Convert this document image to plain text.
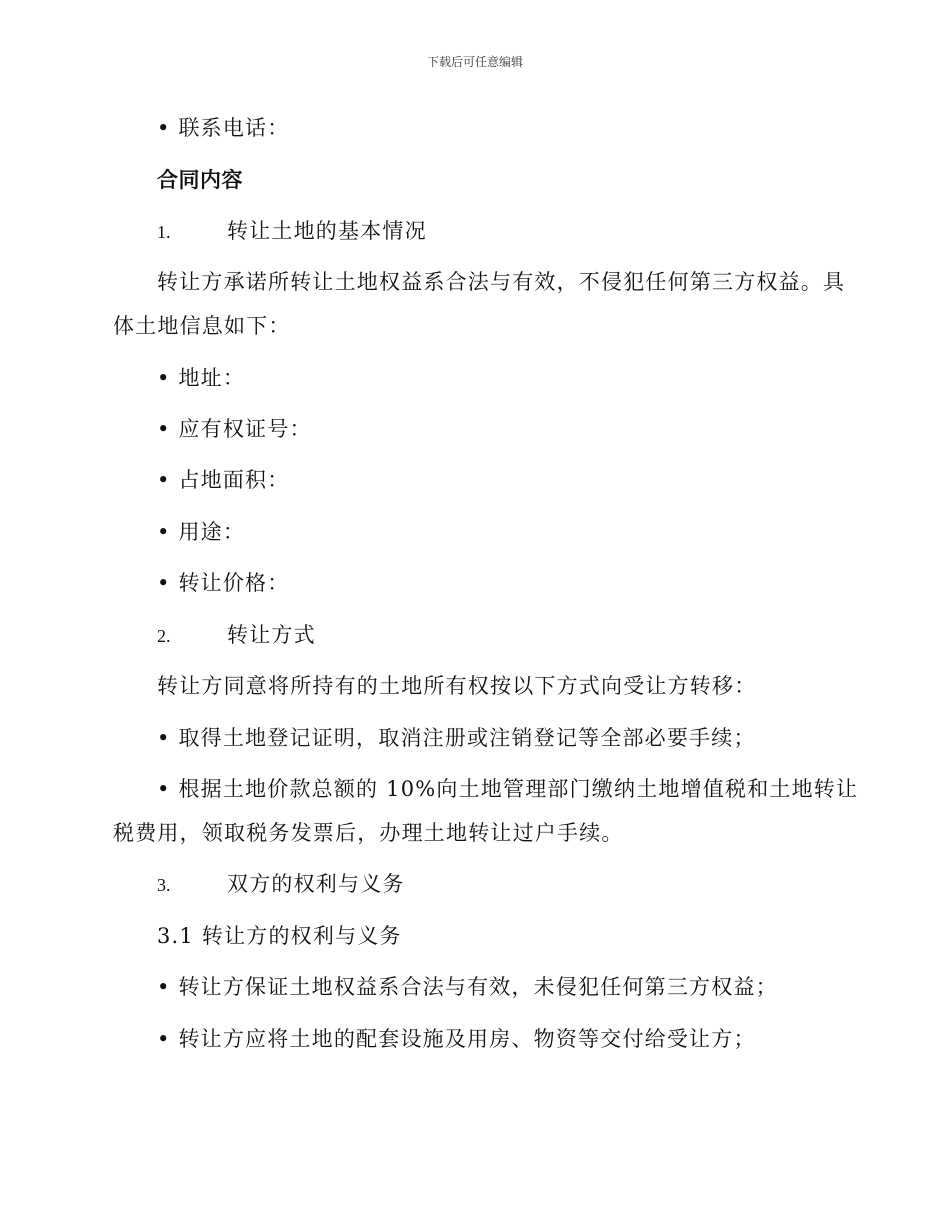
下载后可任意编辑
• 联系电话：
合同内容
1.	转让土地的基本情况
转让方承诺所转让土地权益系合法与有效，不侵犯任何第三方权益。具
体土地信息如下：
• 地址：
• 应有权证号：
• 占地面积：
• 用途：
• 转让价格：
2.	转让方式
转让方同意将所持有的土地所有权按以下方式向受让方转移：
• 取得土地登记证明，取消注册或注销登记等全部必要手续；
• 根据土地价款总额的 10%向土地管理部门缴纳土地增值税和土地转让
税费用，领取税务发票后，办理土地转让过户手续。
3.	双方的权利与义务
3.1 转让方的权利与义务
• 转让方保证土地权益系合法与有效，未侵犯任何第三方权益；
• 转让方应将土地的配套设施及用房、物资等交付给受让方；
